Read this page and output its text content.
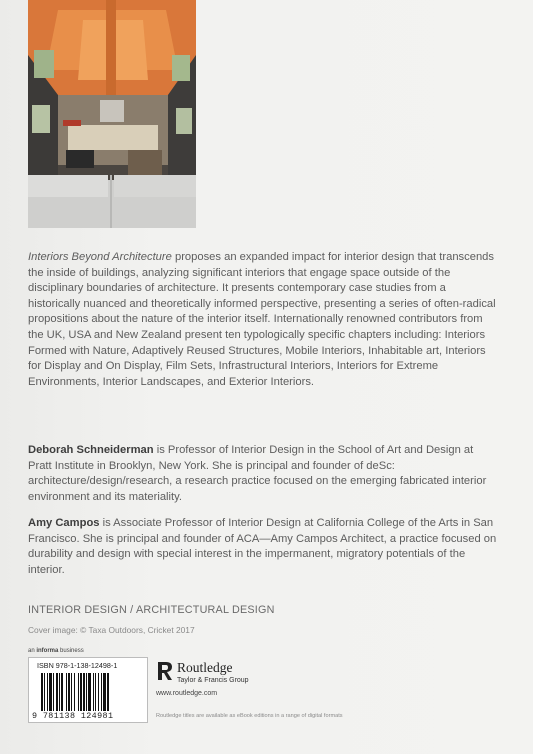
Interiors Beyond Architecture proposes an expanded impact for interior design that transcends the inside of buildings, analyzing significant interiors that engage space outside of the disciplinary boundaries of architecture. It presents contemporary case studies from a historically nuanced and theoretically informed perspective, presenting a series of often-radical propositions about the nature of the interior itself. Internationally renowned contributors from the UK, USA and New Zealand present ten typologically specific chapters including: Interiors Formed with Nature, Adaptively Reused Structures, Mobile Interiors, Inhabitable art, Interiors for Display and On Display, Film Sets, Infrastructural Interiors, Interiors for Extreme Environments, Interior Landscapes, and Exterior Interiors.
Deborah Schneiderman is Professor of Interior Design in the School of Art and Design at Pratt Institute in Brooklyn, New York. She is principal and founder of deSc: architecture/design/research, a research practice focused on the emerging fabricated interior environment and its materiality.
Amy Campos is Associate Professor of Interior Design at California College of the Arts in San Francisco. She is principal and founder of ACA—Amy Campos Architect, a practice focused on durability and design with special interest in the impermanent, migratory potentials of the interior.
INTERIOR DESIGN / ARCHITECTURAL DESIGN
Cover image: © Taxa Outdoors, Cricket 2017
an informa business
ISBN 978-1-138-12498-1
9 781138 124981
Routledge
Taylor & Francis Group
www.routledge.com
Routledge titles are available as eBook editions in a range of digital formats
